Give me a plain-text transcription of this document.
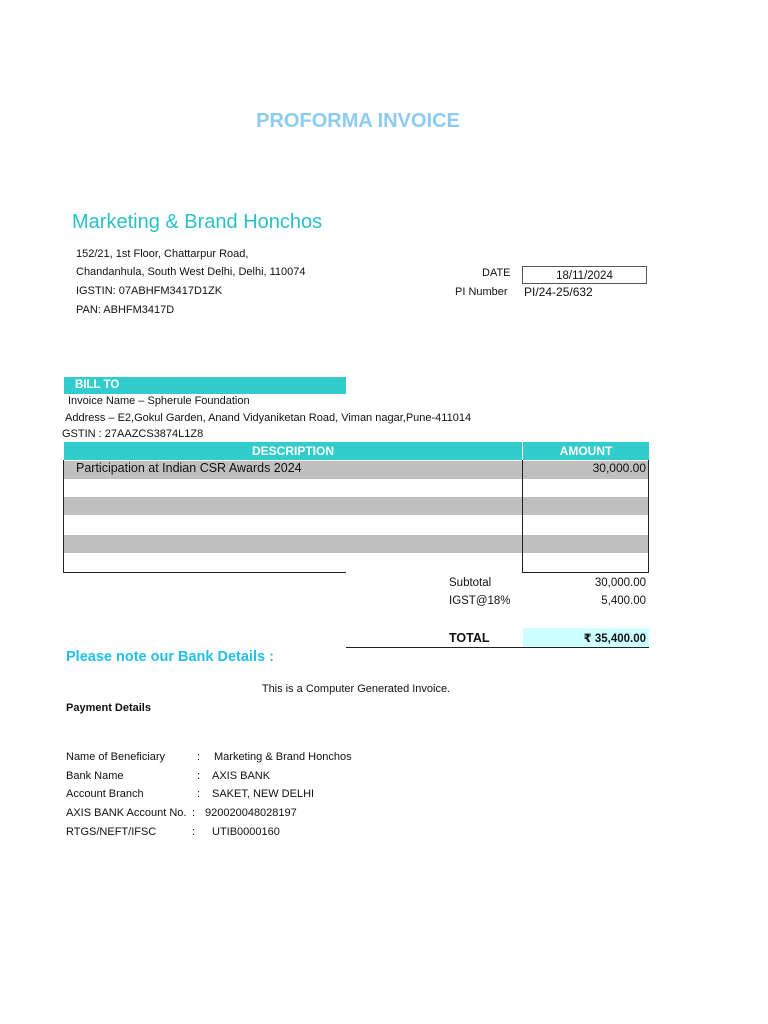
PROFORMA INVOICE
Marketing & Brand Honchos
152/21, 1st Floor, Chattarpur Road,
Chandanhula, South West Delhi, Delhi, 110074
IGSTIN: 07ABHFM3417D1ZK
PAN: ABHFM3417D
DATE	18/11/2024
PI Number PI/24-25/632
BILL TO
Invoice Name – Spherule Foundation
Address – E2,Gokul Garden, Anand Vidyaniketan Road, Viman nagar,Pune-411014
GSTIN : 27AAZCS3874L1Z8
DESCRIPTION	AMOUNT
Participation at Indian CSR Awards 2024	30,000.00
Subtotal	30,000.00
IGST@18%	5,400.00
TOTAL	₹ 35,400.00
Please note our Bank Details :
This is a Computer Generated Invoice.
Payment Details
Name of Beneficiary	: Marketing & Brand Honchos
Bank Name	: AXIS BANK
Account Branch	: SAKET, NEW DELHI
AXIS BANK Account No. : 920020048028197
RTGS/NEFT/IFSC	: UTIB0000160
